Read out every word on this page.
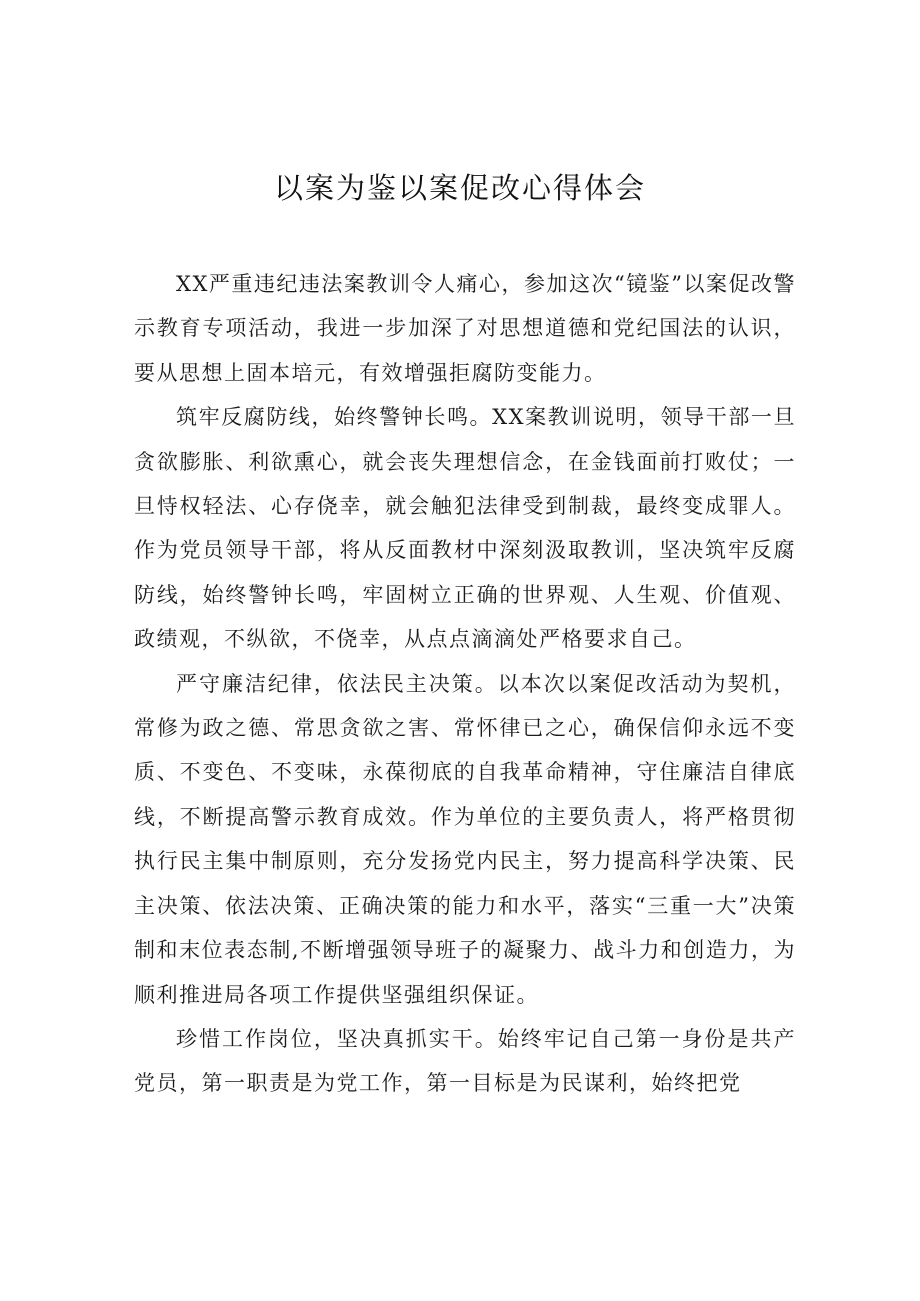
以案为鉴以案促改心得体会

XX严重违纪违法案教训令人痛心，参加这次“镜鉴”以案促改警示教育专项活动，我进一步加深了对思想道德和党纪国法的认识，要从思想上固本培元，有效增强拒腐防变能力。

筑牢反腐防线，始终警钟长鸣。XX案教训说明，领导干部一旦贪欲膨胀、利欲熏心，就会丧失理想信念，在金钱面前打败仗；一旦恃权轻法、心存侥幸，就会触犯法律受到制裁，最终变成罪人。作为党员领导干部，将从反面教材中深刻汲取教训，坚决筑牢反腐防线，始终警钟长鸣，牢固树立正确的世界观、人生观、价值观、政绩观，不纵欲，不侥幸，从点点滴滴处严格要求自己。

严守廉洁纪律，依法民主决策。以本次以案促改活动为契机，常修为政之德、常思贪欲之害、常怀律已之心，确保信仰永远不变质、不变色、不变味，永葆彻底的自我革命精神，守住廉洁自律底线，不断提高警示教育成效。作为单位的主要负责人，将严格贯彻执行民主集中制原则，充分发扬党内民主，努力提高科学决策、民主决策、依法决策、正确决策的能力和水平，落实“三重一大”决策制和末位表态制,不断增强领导班子的凝聚力、战斗力和创造力，为顺利推进局各项工作提供坚强组织保证。

珍惜工作岗位，坚决真抓实干。始终牢记自己第一身份是共产党员，第一职责是为党工作，第一目标是为民谋利，始终把党
